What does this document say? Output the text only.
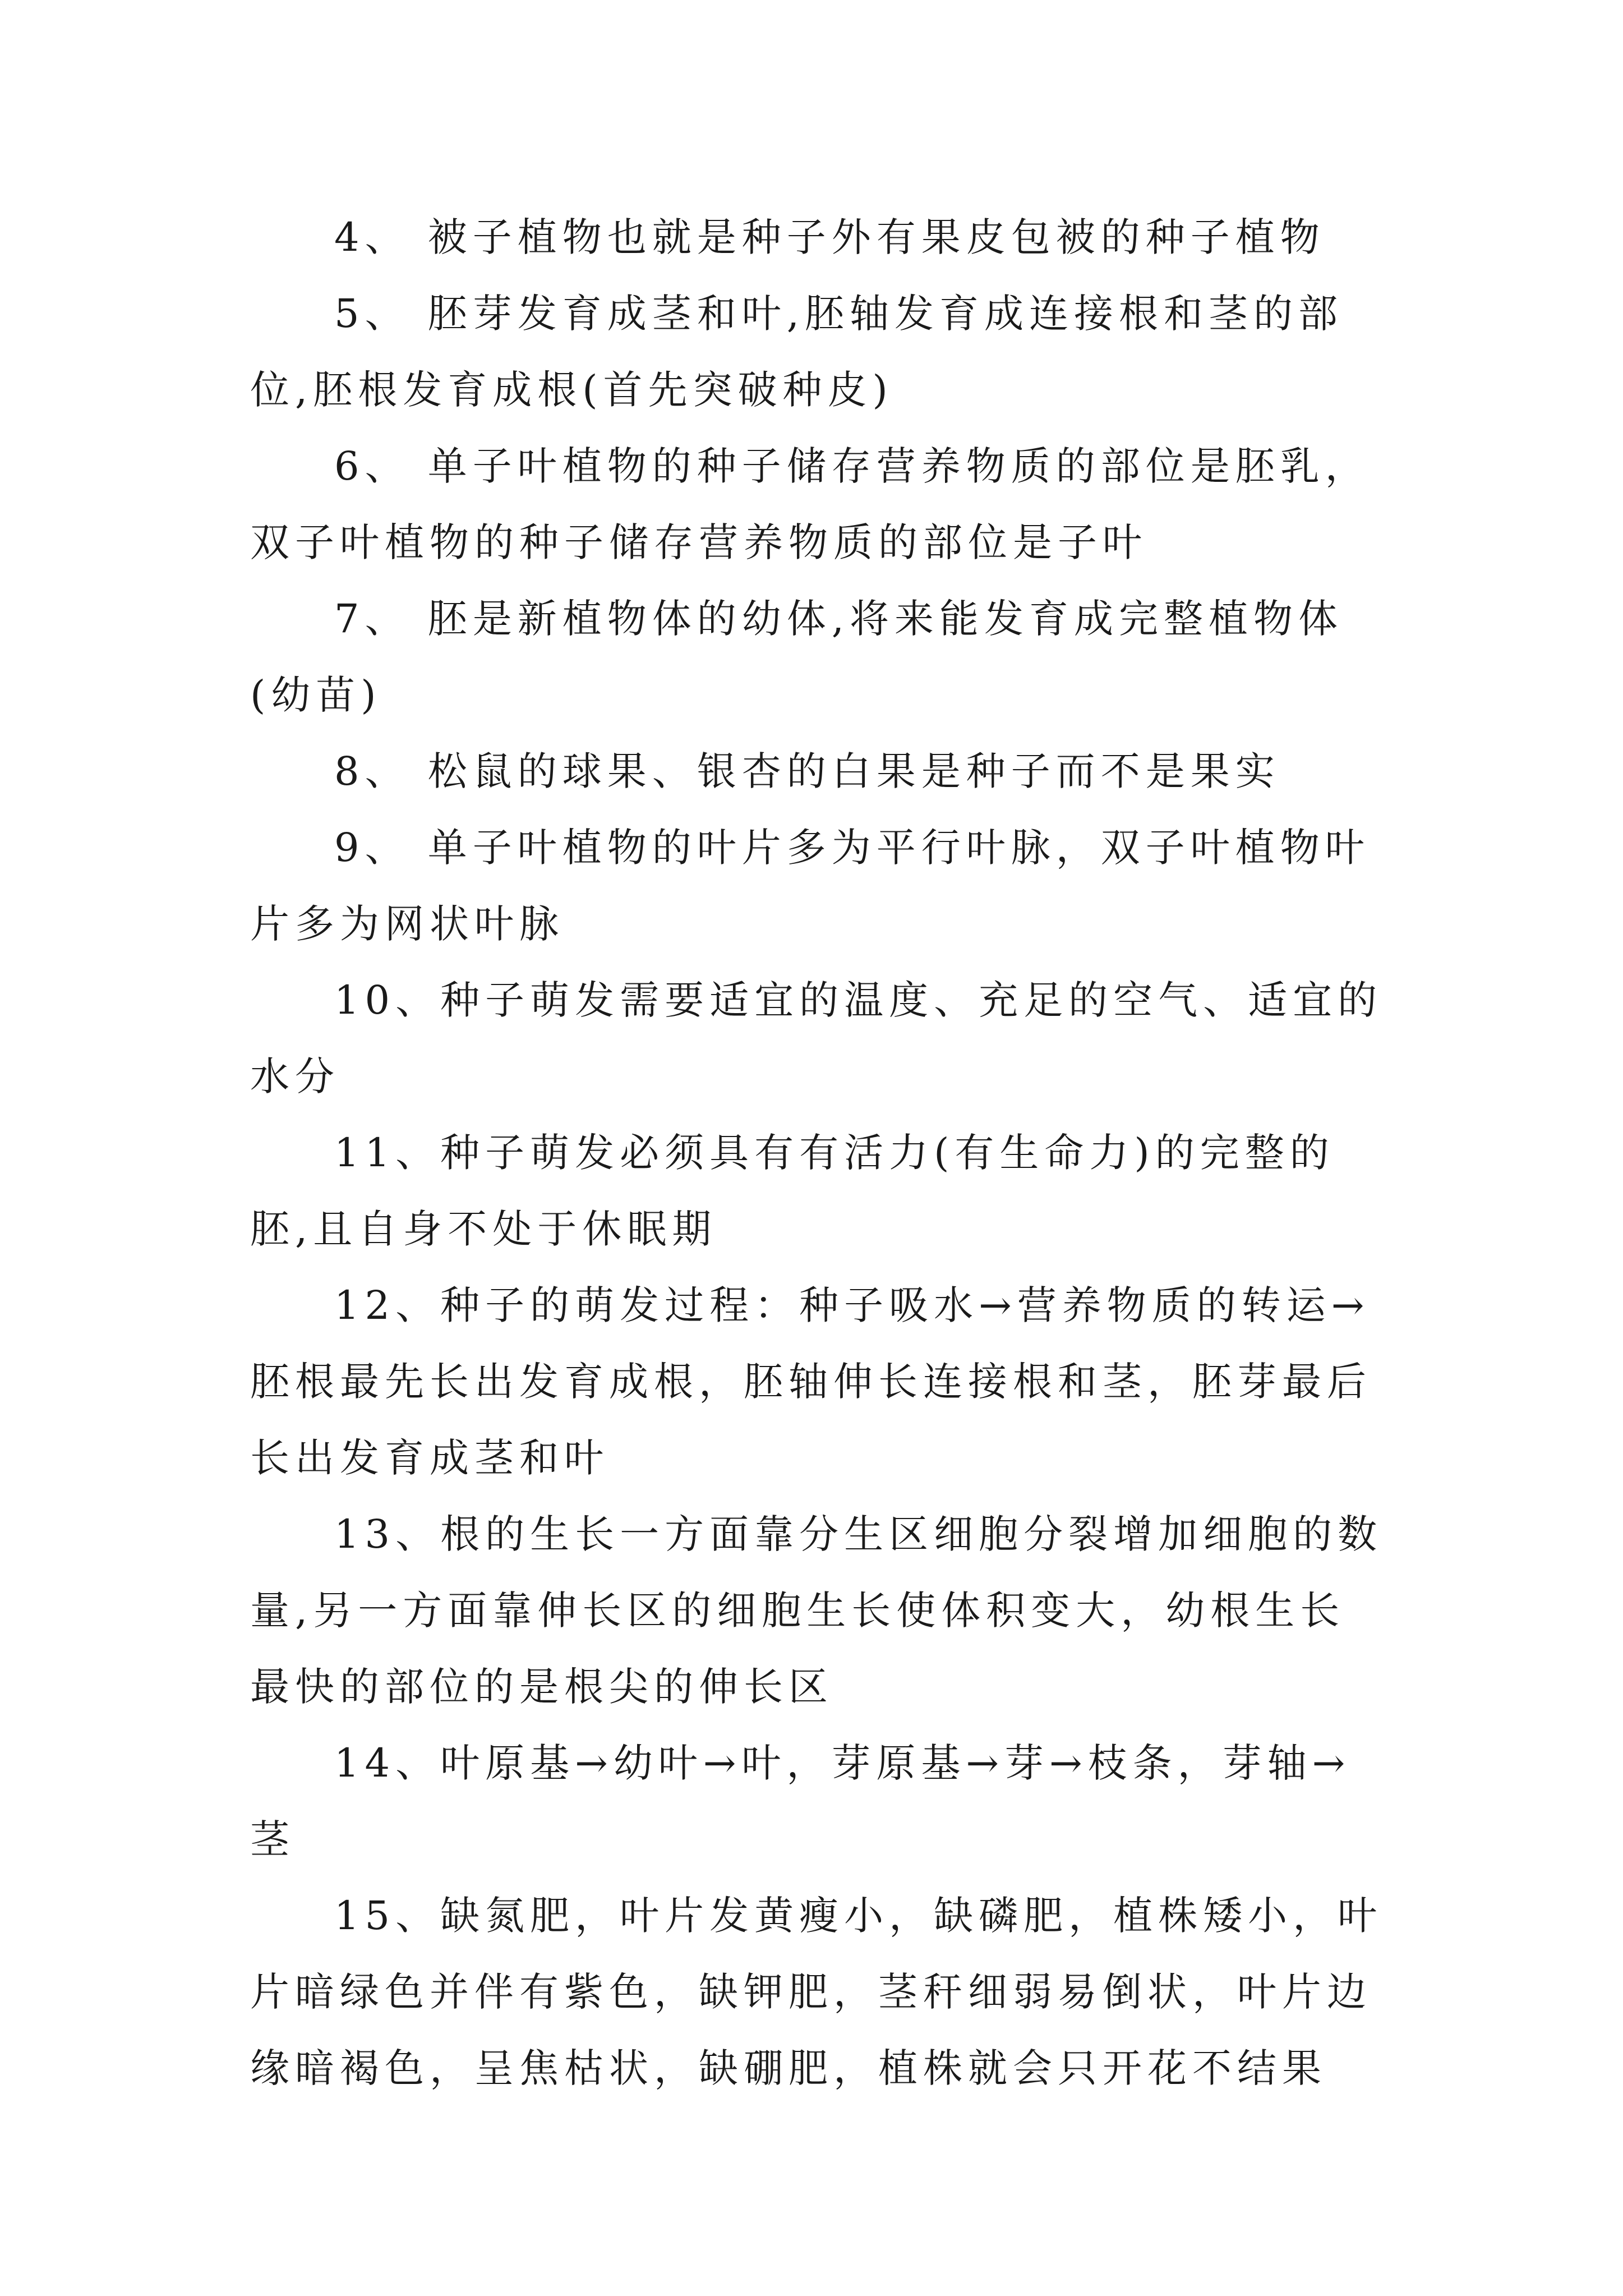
4、 被子植物也就是种子外有果皮包被的种子植物

5、 胚芽发育成茎和叶,胚轴发育成连接根和茎的部位,胚根发育成根(首先突破种皮)

6、 单子叶植物的种子储存营养物质的部位是胚乳，双子叶植物的种子储存营养物质的部位是子叶

7、 胚是新植物体的幼体,将来能发育成完整植物体(幼苗)

8、 松鼠的球果、银杏的白果是种子而不是果实

9、 单子叶植物的叶片多为平行叶脉，双子叶植物叶片多为网状叶脉

10、种子萌发需要适宜的温度、充足的空气、适宜的水分

11、种子萌发必须具有有活力(有生命力)的完整的胚,且自身不处于休眠期

12、种子的萌发过程：种子吸水→营养物质的转运→胚根最先长出发育成根，胚轴伸长连接根和茎，胚芽最后长出发育成茎和叶

13、根的生长一方面靠分生区细胞分裂增加细胞的数量,另一方面靠伸长区的细胞生长使体积变大，幼根生长最快的部位的是根尖的伸长区

14、叶原基→幼叶→叶，芽原基→芽→枝条，芽轴→茎

15、缺氮肥，叶片发黄瘦小，缺磷肥，植株矮小，叶片暗绿色并伴有紫色，缺钾肥，茎秆细弱易倒状，叶片边缘暗褐色，呈焦枯状，缺硼肥，植株就会只开花不结果
